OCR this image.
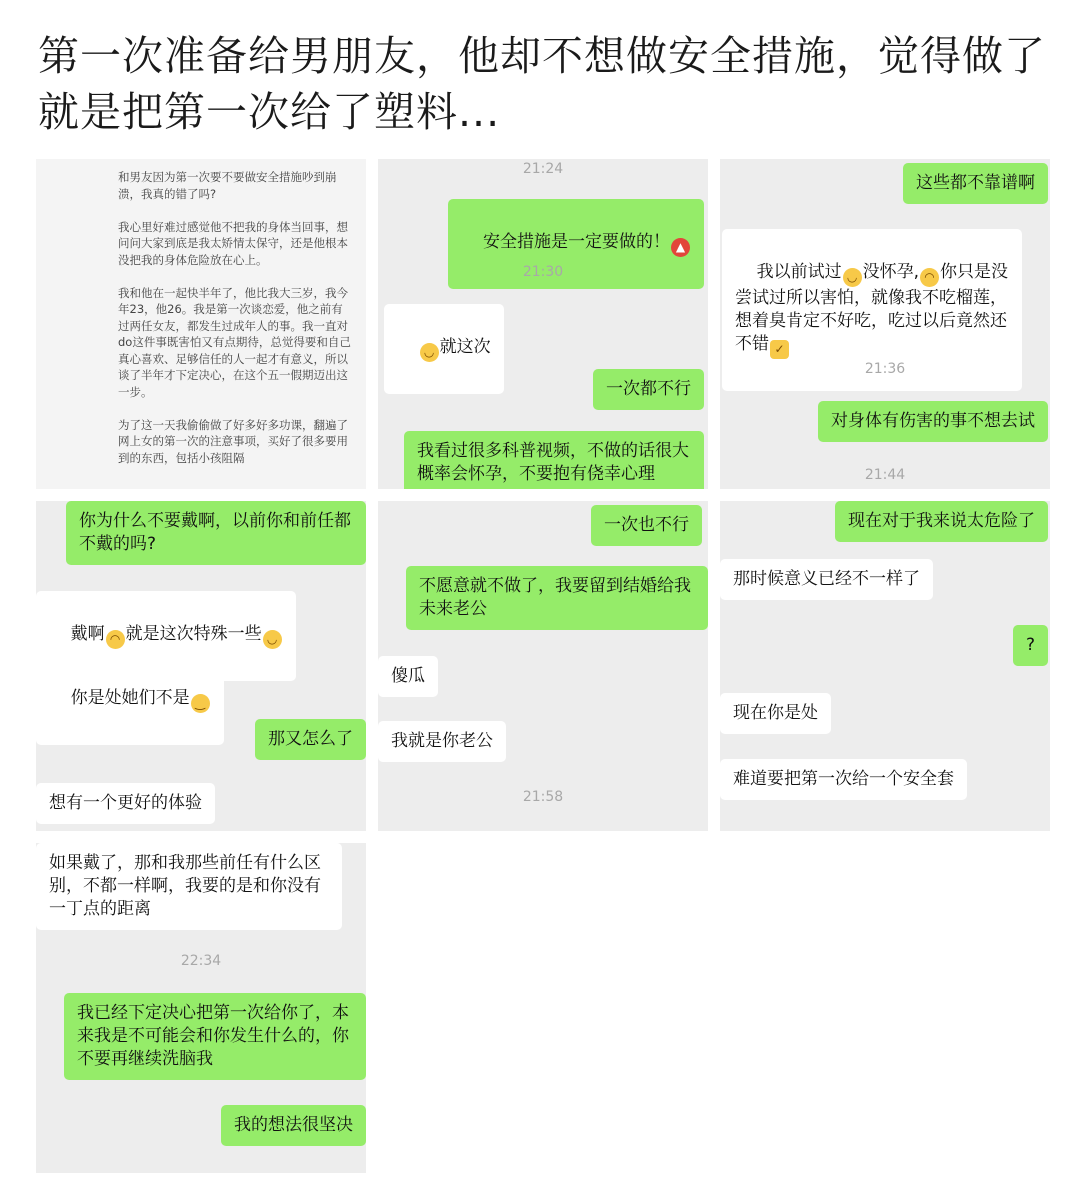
第一次准备给男朋友，他却不想做安全措施，觉得做了就是把第一次给了塑料...
和男友因为第一次要不要做安全措施吵到崩溃，我真的错了吗?

我心里好难过感觉他不把我的身体当回事，想问问大家到底是我太矫情太保守，还是他根本没把我的身体危险放在心上。

我和他在一起快半年了，他比我大三岁，我今年23，他26。我是第一次谈恋爱，他之前有过两任女友，都发生过成年人的事。我一直对do这件事既害怕又有点期待，总觉得要和自己真心喜欢、足够信任的人一起才有意义，所以谈了半年才下定决心，在这个五一假期迈出这一步。

为了这一天我偷偷做了好多好多功课，翻遍了网上女的第一次的注意事项，买好了很多要用到的东西，包括小孩阻隔
21:24

安全措施是一定要做的！ ▲

21:30

◡ 就这次

一次都不行
我看过很多科普视频，不做的话很大概率会怀孕，不要抱有侥幸心理
这些都不靠谱啊

我以前试过 ◡ 没怀孕, ◠ 你只是没尝试过所以害怕，就像我不吃榴莲，想着臭肯定不好吃，吃过以后竟然还不错 ✓

21:36
对身体有伤害的事不想去试
21:44
你为什么不要戴啊，以前你和前任都不戴的吗?

戴啊 ◠ 就是这次特殊一些 ◡

你是处她们不是 ‿

那又怎么了
想有一个更好的体验
一次也不行
不愿意就不做了，我要留到结婚给我未来老公
傻瓜
我就是你老公
21:58
现在对于我来说太危险了
那时候意义已经不一样了
?
现在你是处
难道要把第一次给一个安全套
如果戴了，那和我那些前任有什么区别，不都一样啊，我要的是和你没有一丁点的距离
22:34
我已经下定决心把第一次给你了，本来我是不可能会和你发生什么的，你不要再继续洗脑我
我的想法很坚决
